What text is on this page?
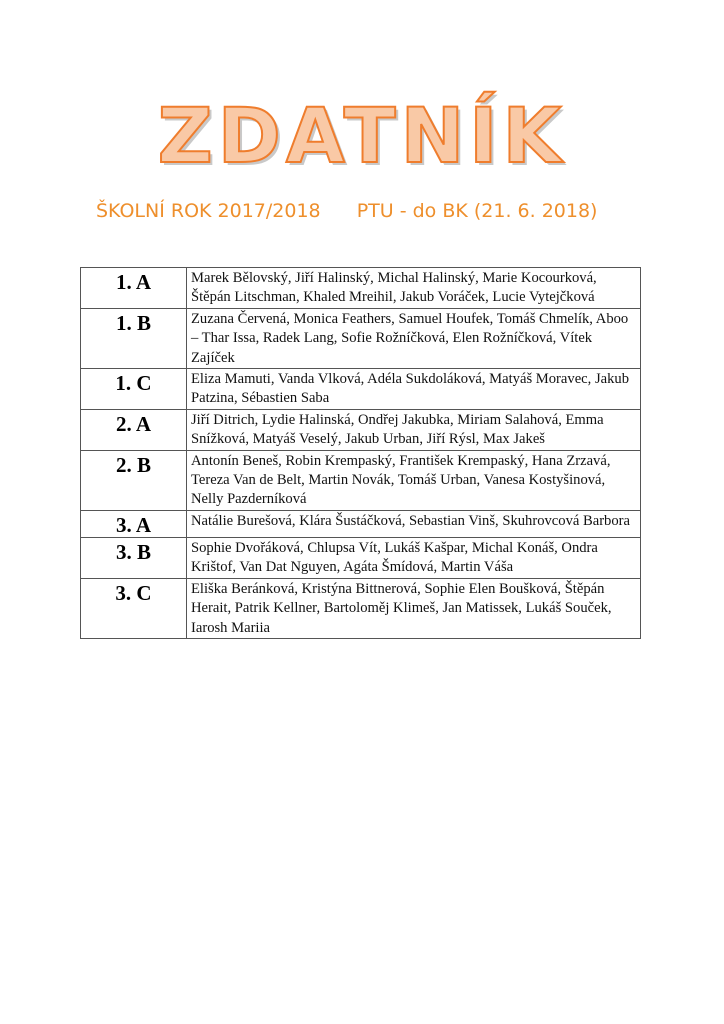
ZDATNÍK
ŠKOLNÍ ROK 2017/2018 PTU - do BK (21. 6. 2018)
1. A	Marek Bělovský, Jiří Halinský, Michal Halinský, Marie Kocourková, Štěpán Litschman, Khaled Mreihil, Jakub Voráček, Lucie Vytejčková
1. B	Zuzana Červená, Monica Feathers, Samuel Houfek, Tomáš Chmelík, Aboo – Thar Issa, Radek Lang, Sofie Rožníčková, Elen Rožníčková, Vítek Zajíček
1. C	Eliza Mamuti, Vanda Vlková, Adéla Sukdoláková, Matyáš Moravec, Jakub Patzina, Sébastien Saba
2. A	Jiří Ditrich, Lydie Halinská, Ondřej Jakubka, Miriam Salahová, Emma Snížková, Matyáš Veselý, Jakub Urban, Jiří Rýsl, Max Jakeš
2. B	Antonín Beneš, Robin Krempaský, František Krempaský, Hana Zrzavá, Tereza Van de Belt, Martin Novák, Tomáš Urban, Vanesa Kostyšinová, Nelly Pazderníková
3. A	Natálie Burešová, Klára Šustáčková, Sebastian Vinš, Skuhrovcová Barbora
3. B	Sophie Dvořáková, Chlupsa Vít, Lukáš Kašpar, Michal Konáš, Ondra Krištof, Van Dat Nguyen, Agáta Šmídová, Martin Váša
3. C	Eliška Beránková, Kristýna Bittnerová, Sophie Elen Boušková, Štěpán Herait, Patrik Kellner, Bartoloměj Klimeš, Jan Matissek, Lukáš Souček, Iarosh Mariia
